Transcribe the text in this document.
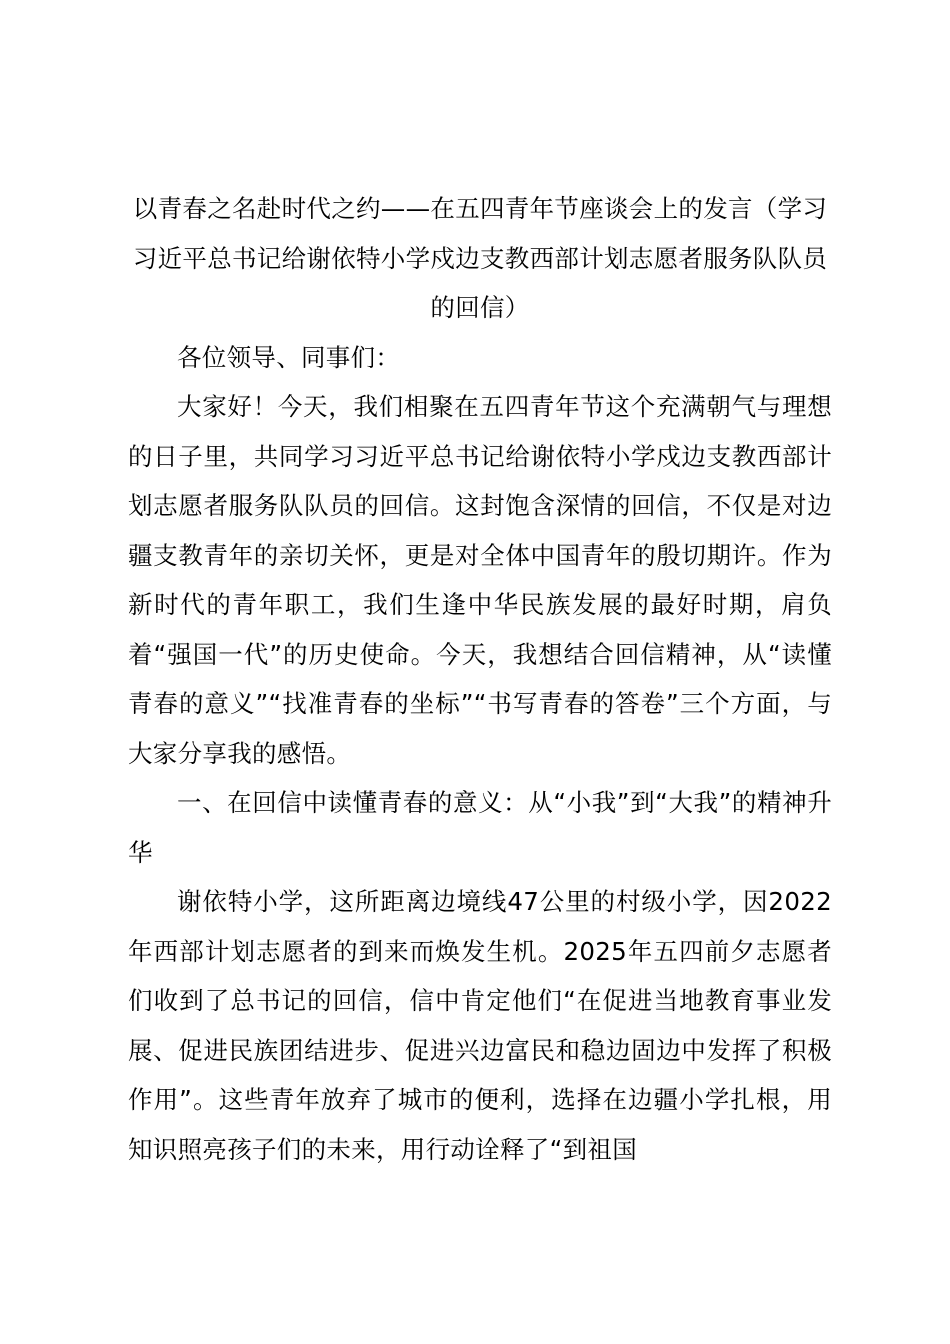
以青春之名赴时代之约——在五四青年节座谈会上的发言（学习习近平总书记给谢依特小学戍边支教西部计划志愿者服务队队员的回信）

各位领导、同事们：

大家好！今天，我们相聚在五四青年节这个充满朝气与理想的日子里，共同学习习近平总书记给谢依特小学戍边支教西部计划志愿者服务队队员的回信。这封饱含深情的回信，不仅是对边疆支教青年的亲切关怀，更是对全体中国青年的殷切期许。作为新时代的青年职工，我们生逢中华民族发展的最好时期，肩负着“强国一代”的历史使命。今天，我想结合回信精神，从“读懂青春的意义”“找准青春的坐标”“书写青春的答卷”三个方面，与大家分享我的感悟。

一、在回信中读懂青春的意义：从“小我”到“大我”的精神升华

谢依特小学，这所距离边境线47公里的村级小学，因2022年西部计划志愿者的到来而焕发生机。2025年五四前夕志愿者们收到了总书记的回信，信中肯定他们“在促进当地教育事业发展、促进民族团结进步、促进兴边富民和稳边固边中发挥了积极作用”。这些青年放弃了城市的便利，选择在边疆小学扎根，用知识照亮孩子们的未来，用行动诠释了“到祖国
